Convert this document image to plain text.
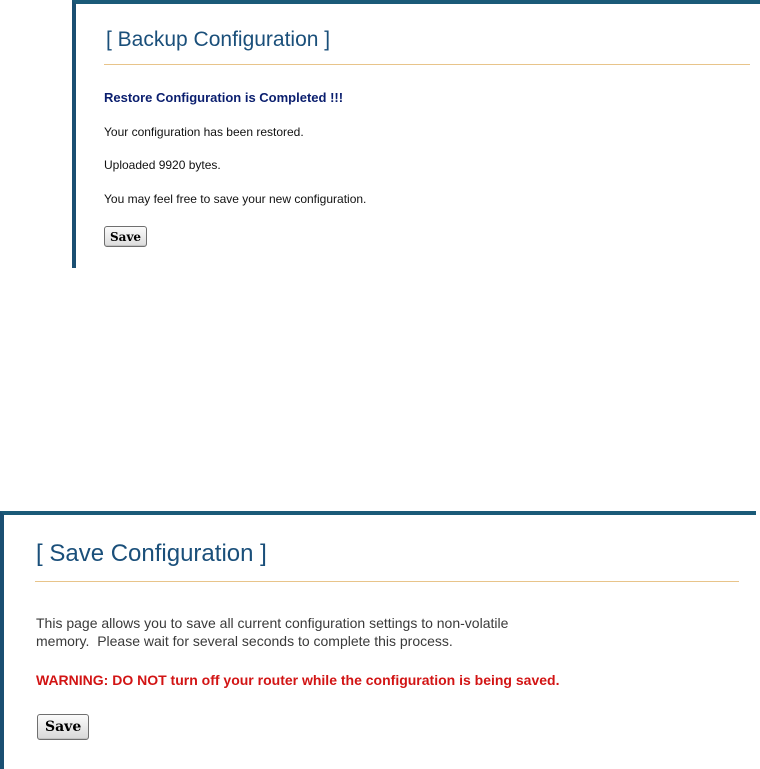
[ Backup Configuration ]
Restore Configuration is Completed !!!
Your configuration has been restored.
Uploaded 9920 bytes.
You may feel free to save your new configuration.
Save
[ Save Configuration ]
This page allows you to save all current configuration settings to non-volatile
memory.  Please wait for several seconds to complete this process.
WARNING: DO NOT turn off your router while the configuration is being saved.
Save
